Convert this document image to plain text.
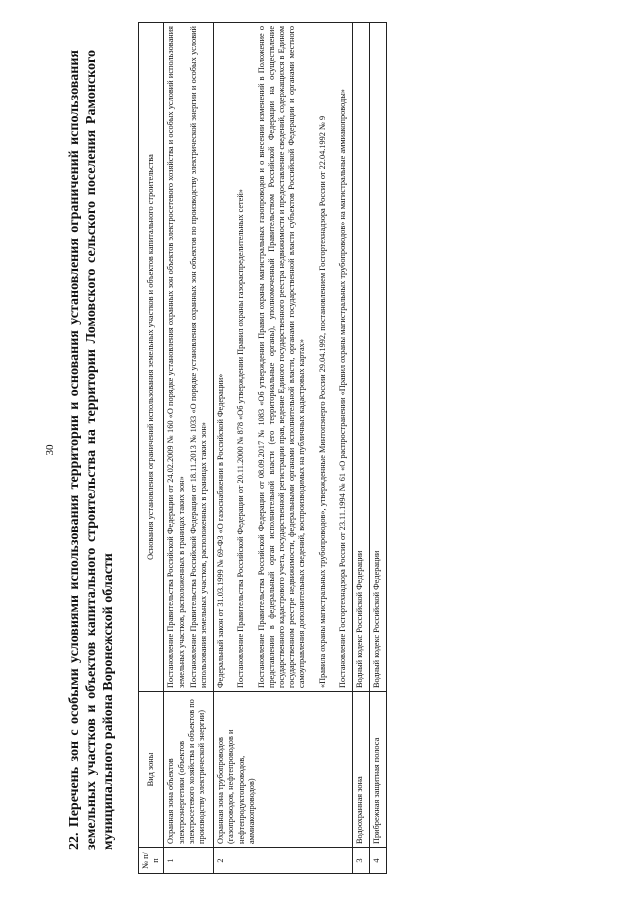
30 22. Перечень зон с особыми условиями использования территории и основания установления ограничений использования земельных участков и объектов капитального строительства на территории Ломовского сельского поселения Рамонского муниципального района Воронежской области
№ п/п	Вид зоны	Основания установления ограничений использования земельных участков и объектов капитального строительства
1	Охранная зона объектов электроэнергетики (объектов электросетевого хозяйства и объектов по производству электрической энергии)	Постановление Правительства Российской Федерации от 24.02.2009 № 160 «О порядке установления охранных зон объектов электросетевого хозяйства и особых условий использования земельных участков, расположенных в границах таких зон» Постановление Правительства Российской Федерации от 18.11.2013 № 1033 «О порядке установления охранных зон объектов по производству электрической энергии и особых условий использования земельных участков, расположенных в границах таких зон»

2	Охранная зона трубопроводов (газопроводов, нефтепроводов и нефтепродуктопроводов, аммиакопроводов)	Федеральный закон от 31.03.1999 № 69-ФЗ «О газоснабжении в Российской Федерации» Постановление Правительства Российской Федерации от 20.11.2000 № 878 «Об утверждении Правил охраны газораспределительных сетей» Постановление Правительства Российской Федерации от 08.09.2017 № 1083 «Об утверждении Правил охраны магистральных газопроводов и о внесении изменений в Положение о представлении в федеральный орган исполнительной власти (его территориальные органы), уполномоченный Правительством Российской Федерации на осуществление государственного кадастрового учета, государственной регистрации прав, ведение Единого государственного реестра недвижимости и предоставление сведений, содержащихся в Едином государственном реестре недвижимости, федеральными органами исполнительной власти, органами государственной власти субъектов Российской Федерации и органами местного самоуправления дополнительных сведений, воспроизводимых на публичных кадастровых картах» «Правила охраны магистральных трубопроводов», утвержденные Минтопэнерго России 29.04.1992, постановлением Госгортехнадзора России от 22.04.1992 № 9 Постановление Госгортехнадзора России от 23.11.1994 № 61 «О распространении «Правил охраны магистральных трубопроводов» на магистральные аммиакопроводы»

3	Водоохранная зона	Водный кодекс Российской Федерации

4	Прибрежная защитная полоса	Водный кодекс Российской Федерации
